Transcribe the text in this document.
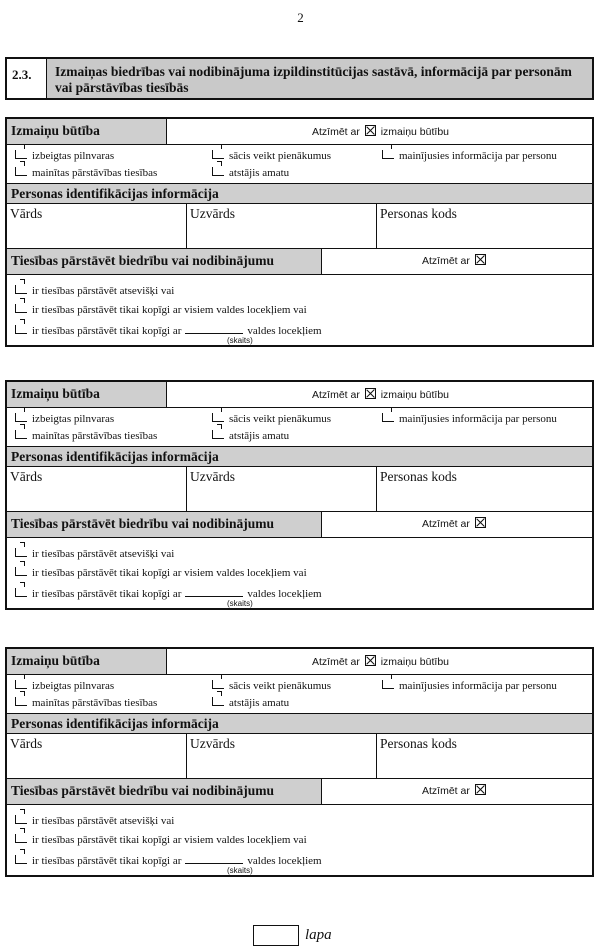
2
2.3.	Izmaiņas biedrības vai nodibinājuma izpildinstitūcijas sastāvā, informācijā par personām vai pārstāvības tiesībās
Izmaiņu būtība	Atzīmēt ar izmaiņu būtību
izbeigtas pilnvaras	sācis veikt pienākumus	mainījusies informācija par personu
mainītas pārstāvības tiesības	atstājis amatu
Personas identifikācijas informācija
Vārds	Uzvārds	Personas kods
Tiesības pārstāvēt biedrību vai nodibinājumu	Atzīmēt ar
ir tiesības pārstāvēt atsevišķi vai
ir tiesības pārstāvēt tikai kopīgi ar visiem valdes locekļiem vai
ir tiesības pārstāvēt tikai kopīgi ar	valdes locekļiem
(skaits)
Izmaiņu būtība	Atzīmēt ar izmaiņu būtību
izbeigtas pilnvaras	sācis veikt pienākumus	mainījusies informācija par personu
mainītas pārstāvības tiesības	atstājis amatu
Personas identifikācijas informācija
Vārds	Uzvārds	Personas kods
Tiesības pārstāvēt biedrību vai nodibinājumu	Atzīmēt ar
ir tiesības pārstāvēt atsevišķi vai
ir tiesības pārstāvēt tikai kopīgi ar visiem valdes locekļiem vai
ir tiesības pārstāvēt tikai kopīgi ar	valdes locekļiem
(skaits)
Izmaiņu būtība	Atzīmēt ar izmaiņu būtību
izbeigtas pilnvaras	sācis veikt pienākumus	mainījusies informācija par personu
mainītas pārstāvības tiesības	atstājis amatu
Personas identifikācijas informācija
Vārds	Uzvārds	Personas kods
Tiesības pārstāvēt biedrību vai nodibinājumu	Atzīmēt ar
ir tiesības pārstāvēt atsevišķi vai
ir tiesības pārstāvēt tikai kopīgi ar visiem valdes locekļiem vai
ir tiesības pārstāvēt tikai kopīgi ar	valdes locekļiem
(skaits)
lapa
